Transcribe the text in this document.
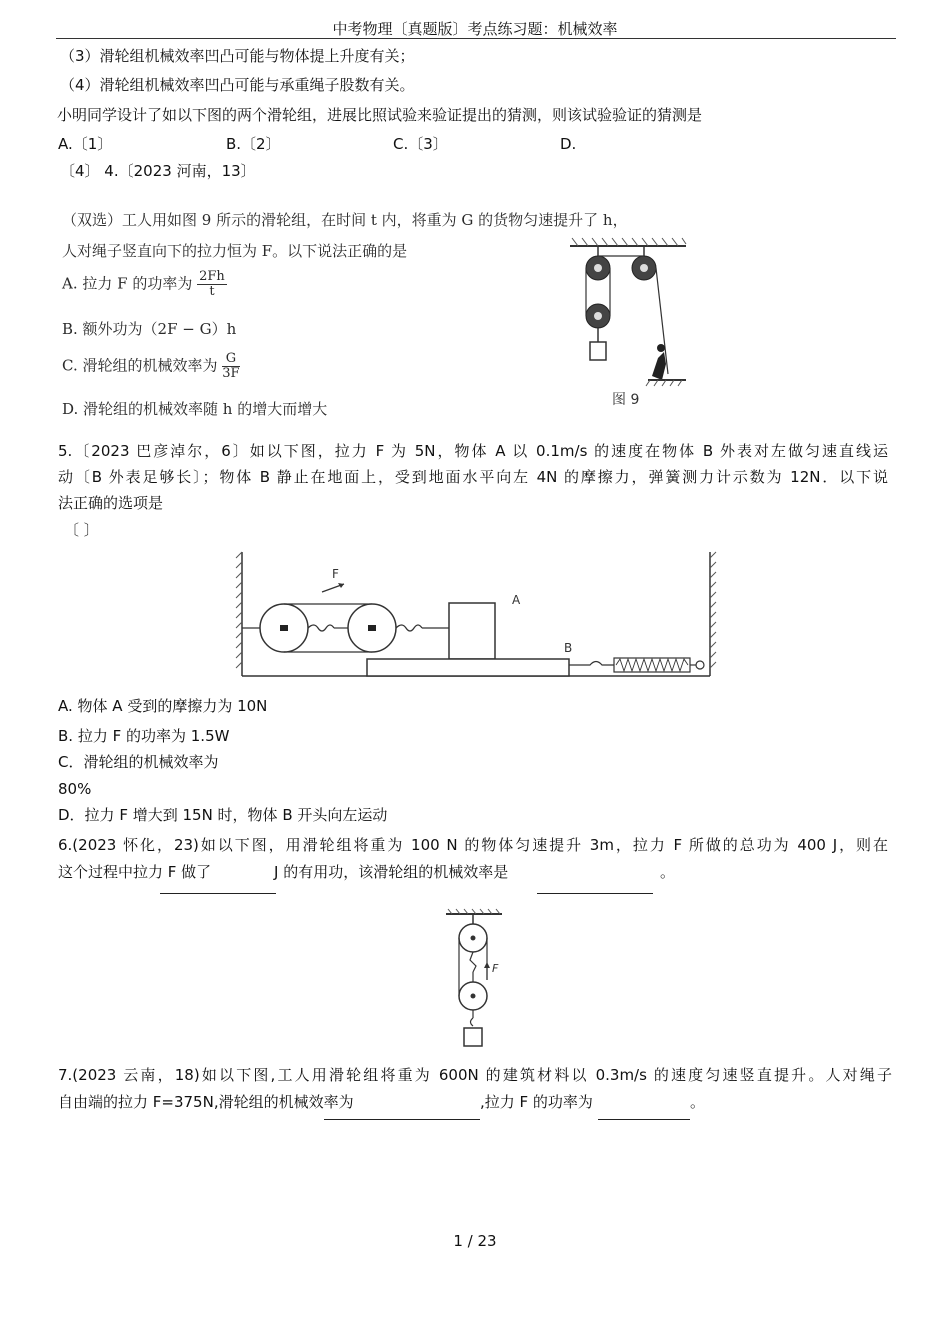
中考物理〔真题版〕考点练习题：机械效率
（3）滑轮组机械效率凹凸可能与物体提上升度有关；
（4）滑轮组机械效率凹凸可能与承重绳子股数有关。
小明同学设计了如以下图的两个滑轮组，进展比照试验来验证提出的猜测，则该试验验证的猜测是
A.〔1〕	B.〔2〕	C.〔3〕	D.
〔4〕 4.〔2023 河南，13〕
（双选）工人用如图 9 所示的滑轮组，在时间 t 内，将重为 G 的货物匀速提升了 h，
人对绳子竖直向下的拉力恒为 F。以下说法正确的是
A. 拉力 F 的功率为 $\frac{2Fh}{t}$
B. 额外功为（2F − G）h
C. 滑轮组的机械效率为 $\frac{G}{3F}$
D. 滑轮组的机械效率随 h 的增大而增大	图 9
5.〔2023 巴彦淖尔，6〕如以下图，拉力 F 为 5N，物体 A 以 0.1m/s 的速度在物体 B 外表对左做匀速直线运
动〔B 外表足够长〕；物体 B 静止在地面上，受到地面水平向左 4N 的摩擦力，弹簧测力计示数为 12N．以下说
法正确的选项是
〔 〕
F
A
B
A. 物体 A 受到的摩擦力为 10N
B. 拉力 F 的功率为 1.5W
C．滑轮组的机械效率为
80%
D．拉力 F 增大到 15N 时，物体 B 开头向左运动
6.(2023 怀化，23)如以下图，用滑轮组将重为 100 N 的物体匀速提升 3m，拉力 F 所做的总功为 400 J，则在
这个过程中拉力 F 做了	J 的有用功，该滑轮组的机械效率是	。
F
7.(2023 云南，18)如以下图,工人用滑轮组将重为 600N 的建筑材料以 0.3m/s 的速度匀速竖直提升。人对绳子
自由端的拉力 F=375N,滑轮组的机械效率为	,拉力 F 的功率为	。
1 / 23
